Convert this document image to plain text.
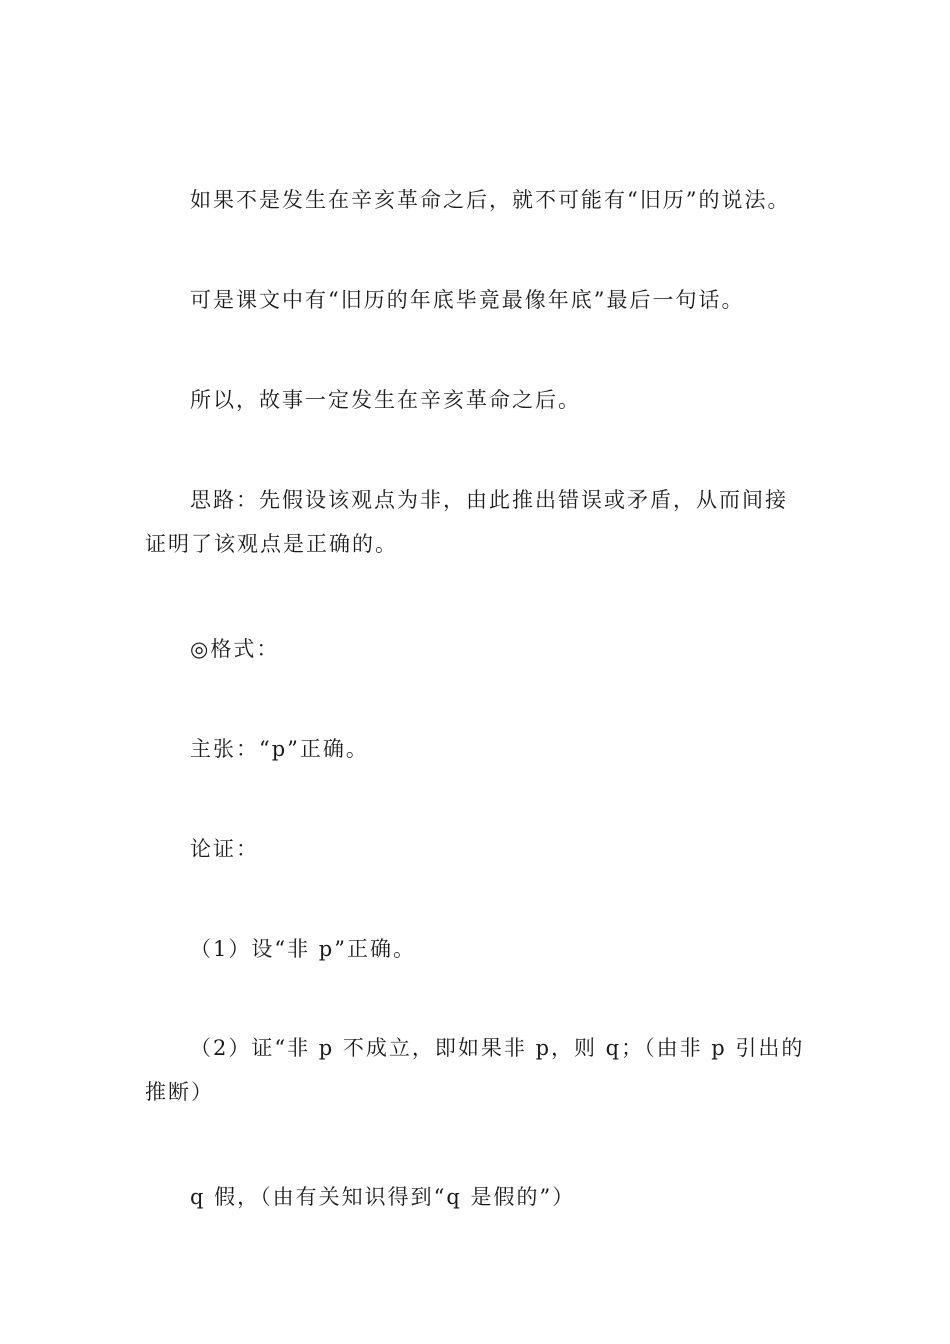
如果不是发生在辛亥革命之后，就不可能有“旧历”的说法。

可是课文中有“旧历的年底毕竟最像年底”最后一句话。

所以，故事一定发生在辛亥革命之后。

思路：先假设该观点为非，由此推出错误或矛盾，从而间接证明了该观点是正确的。

◎格式：

主张：“p”正确。

论证：

（1）设“非 p”正确。

（2）证“非 p 不成立，即如果非 p，则 q；（由非 p 引出的推断）

q 假，（由有关知识得到“q 是假的”）
